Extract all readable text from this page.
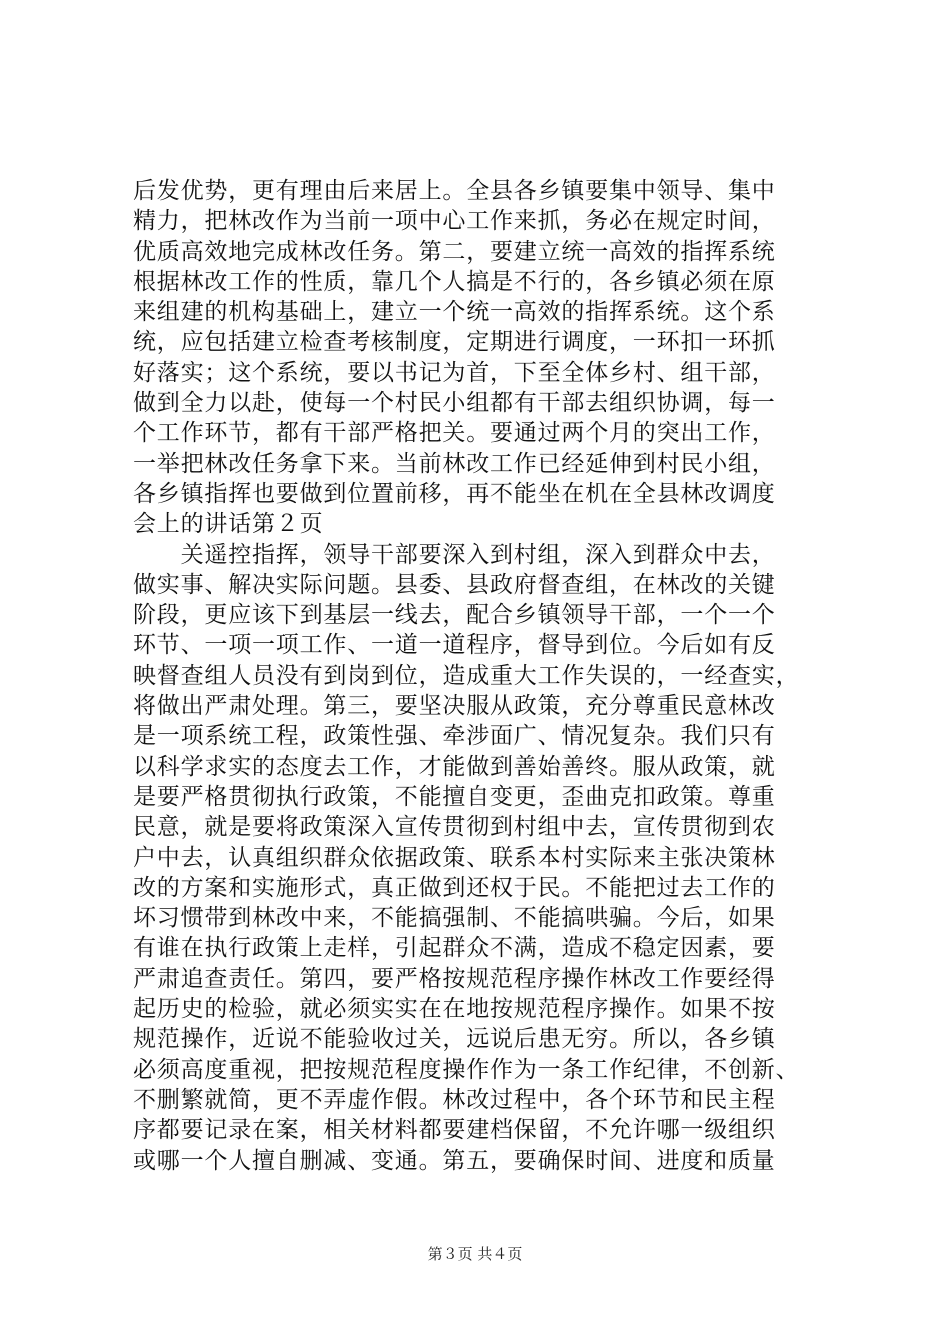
后发优势，更有理由后来居上。全县各乡镇要集中领导、集中
精力，把林改作为当前一项中心工作来抓，务必在规定时间，
优质高效地完成林改任务。第二，要建立统一高效的指挥系统
根据林改工作的性质，靠几个人搞是不行的，各乡镇必须在原
来组建的机构基础上，建立一个统一高效的指挥系统。这个系
统，应包括建立检查考核制度，定期进行调度，一环扣一环抓
好落实；这个系统，要以书记为首，下至全体乡村、组干部，
做到全力以赴，使每一个村民小组都有干部去组织协调，每一
个工作环节，都有干部严格把关。要通过两个月的突出工作，
一举把林改任务拿下来。当前林改工作已经延伸到村民小组，
各乡镇指挥也要做到位置前移，再不能坐在机在全县林改调度
会上的讲话第２页
　　关遥控指挥，领导干部要深入到村组，深入到群众中去，
做实事、解决实际问题。县委、县政府督查组，在林改的关键
阶段，更应该下到基层一线去，配合乡镇领导干部，一个一个
环节、一项一项工作、一道一道程序，督导到位。今后如有反
映督查组人员没有到岗到位，造成重大工作失误的，一经查实，
将做出严肃处理。第三，要坚决服从政策，充分尊重民意林改
是一项系统工程，政策性强、牵涉面广、情况复杂。我们只有
以科学求实的态度去工作，才能做到善始善终。服从政策，就
是要严格贯彻执行政策，不能擅自变更，歪曲克扣政策。尊重
民意，就是要将政策深入宣传贯彻到村组中去，宣传贯彻到农
户中去，认真组织群众依据政策、联系本村实际来主张决策林
改的方案和实施形式，真正做到还权于民。不能把过去工作的
坏习惯带到林改中来，不能搞强制、不能搞哄骗。今后，如果
有谁在执行政策上走样，引起群众不满，造成不稳定因素，要
严肃追查责任。第四，要严格按规范程序操作林改工作要经得
起历史的检验，就必须实实在在地按规范程序操作。如果不按
规范操作，近说不能验收过关，远说后患无穷。所以，各乡镇
必须高度重视，把按规范程度操作作为一条工作纪律，不创新、
不删繁就简，更不弄虚作假。林改过程中，各个环节和民主程
序都要记录在案，相关材料都要建档保留，不允许哪一级组织
或哪一个人擅自删减、变通。第五，要确保时间、进度和质量
第３页 共４页
